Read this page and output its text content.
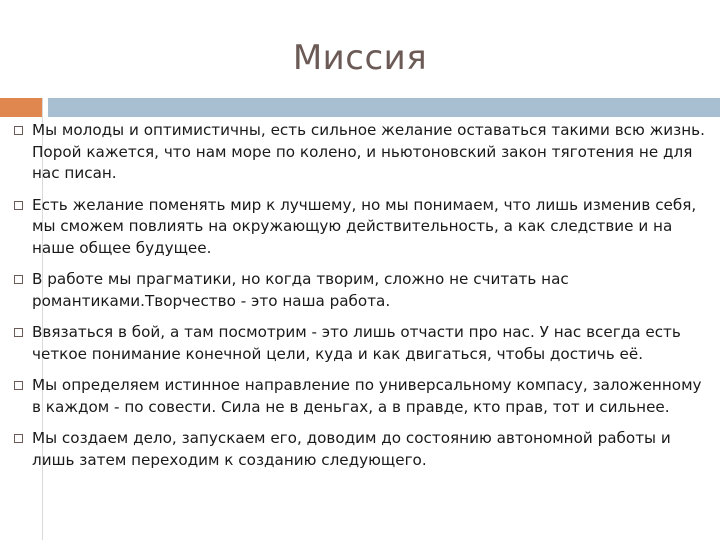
Миссия
Мы молоды и оптимистичны, есть сильное желание оставаться такими всю жизнь. Порой кажется, что нам море по колено, и ньютоновский закон тяготения не для нас писан.
Есть желание поменять мир к лучшему, но мы понимаем, что лишь изменив себя, мы сможем повлиять на окружающую действительность, а как следствие и на наше общее будущее.
В работе мы прагматики, но когда творим, сложно не считать нас романтиками.Творчество - это наша работа.
Ввязаться в бой, а там посмотрим - это лишь отчасти про нас. У нас всегда есть четкое понимание конечной цели, куда и как двигаться, чтобы достичь её.
Мы определяем истинное направление по универсальному компасу, заложенному в каждом - по совести. Сила не в деньгах, а в правде, кто прав, тот и сильнее.
Мы создаем дело, запускаем его, доводим до состоянию автономной работы и лишь затем переходим к созданию следующего.
